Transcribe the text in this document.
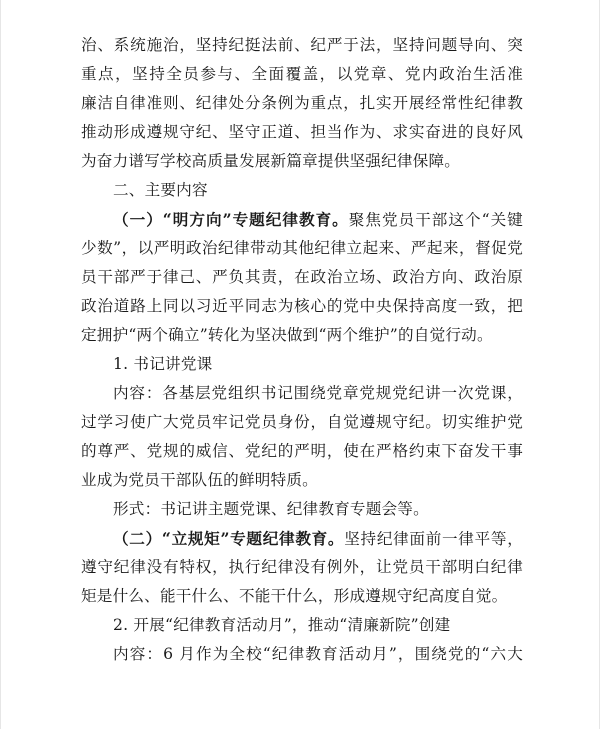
治、系统施治，坚持纪挺法前、纪严于法，坚持问题导向、突
重点，坚持全员参与、全面覆盖，以党章、党内政治生活准
廉洁自律准则、纪律处分条例为重点，扎实开展经常性纪律教
推动形成遵规守纪、坚守正道、担当作为、求实奋进的良好风
为奋力谱写学校高质量发展新篇章提供坚强纪律保障。
二、主要内容
（一）“明方向”专题纪律教育。聚焦党员干部这个“关键
少数”，以严明政治纪律带动其他纪律立起来、严起来，督促党
员干部严于律己、严负其责，在政治立场、政治方向、政治原
政治道路上同以习近平同志为核心的党中央保持高度一致，把
定拥护“两个确立”转化为坚决做到“两个维护”的自觉行动。
1. 书记讲党课
内容：各基层党组织书记围绕党章党规党纪讲一次党课，
过学习使广大党员牢记党员身份，自觉遵规守纪。切实维护党
的尊严、党规的威信、党纪的严明，使在严格约束下奋发干事
业成为党员干部队伍的鲜明特质。
形式：书记讲主题党课、纪律教育专题会等。
（二）“立规矩”专题纪律教育。坚持纪律面前一律平等，
遵守纪律没有特权，执行纪律没有例外，让党员干部明白纪律
矩是什么、能干什么、不能干什么，形成遵规守纪高度自觉。
2. 开展“纪律教育活动月”，推动“清廉新院”创建
内容：6 月作为全校“纪律教育活动月”，围绕党的“六大
